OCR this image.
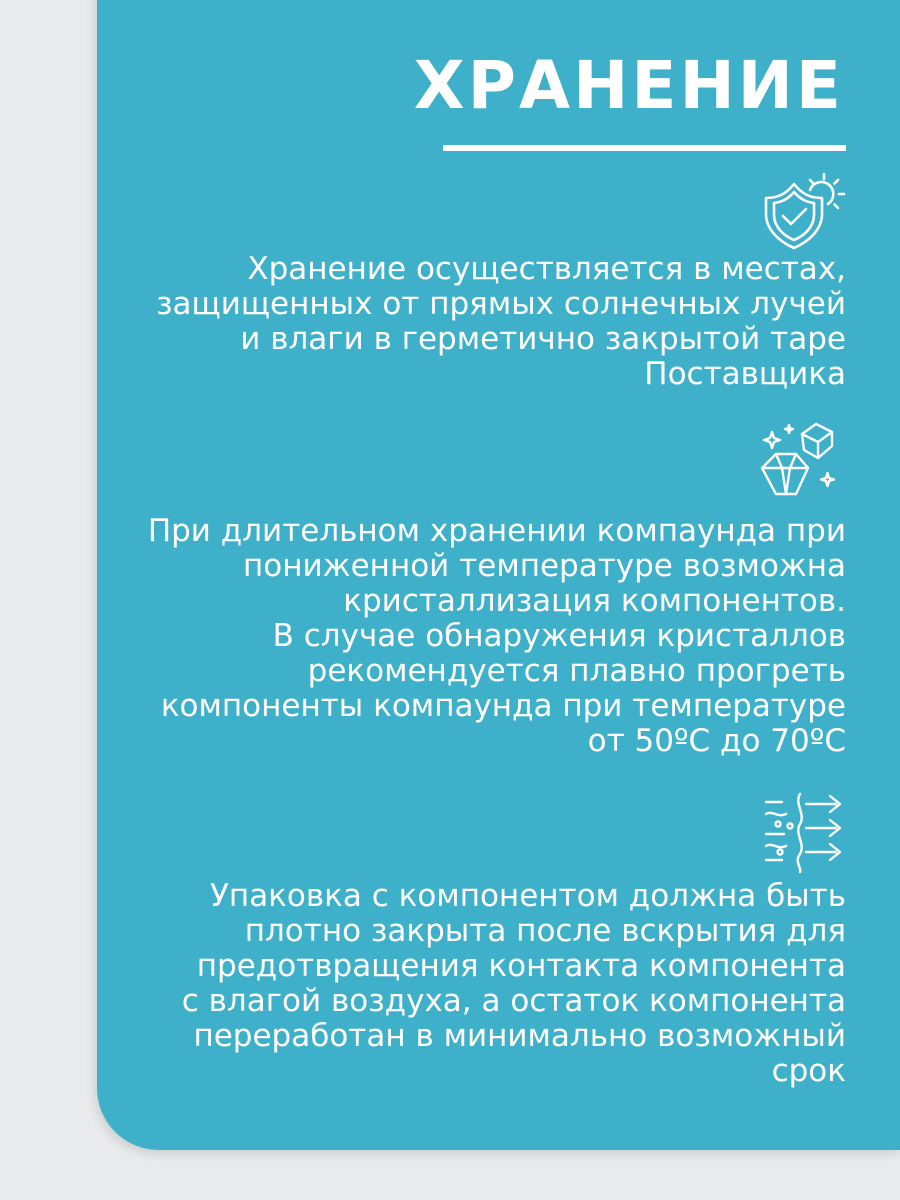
ХРАНЕНИЕ

Хранение осуществляется в местах,
защищенных от прямых солнечных лучей
и влаги в герметично закрытой таре
Поставщика

При длительном хранении компаунда при
пониженной температуре возможна
кристаллизация компонентов.
В случае обнаружения кристаллов
рекомендуется плавно прогреть
компоненты компаунда при температуре
от 50ºС до 70ºС

Упаковка с компонентом должна быть
плотно закрыта после вскрытия для
предотвращения контакта компонента
с влагой воздуха, а остаток компонента
переработан в минимально возможный
срок
